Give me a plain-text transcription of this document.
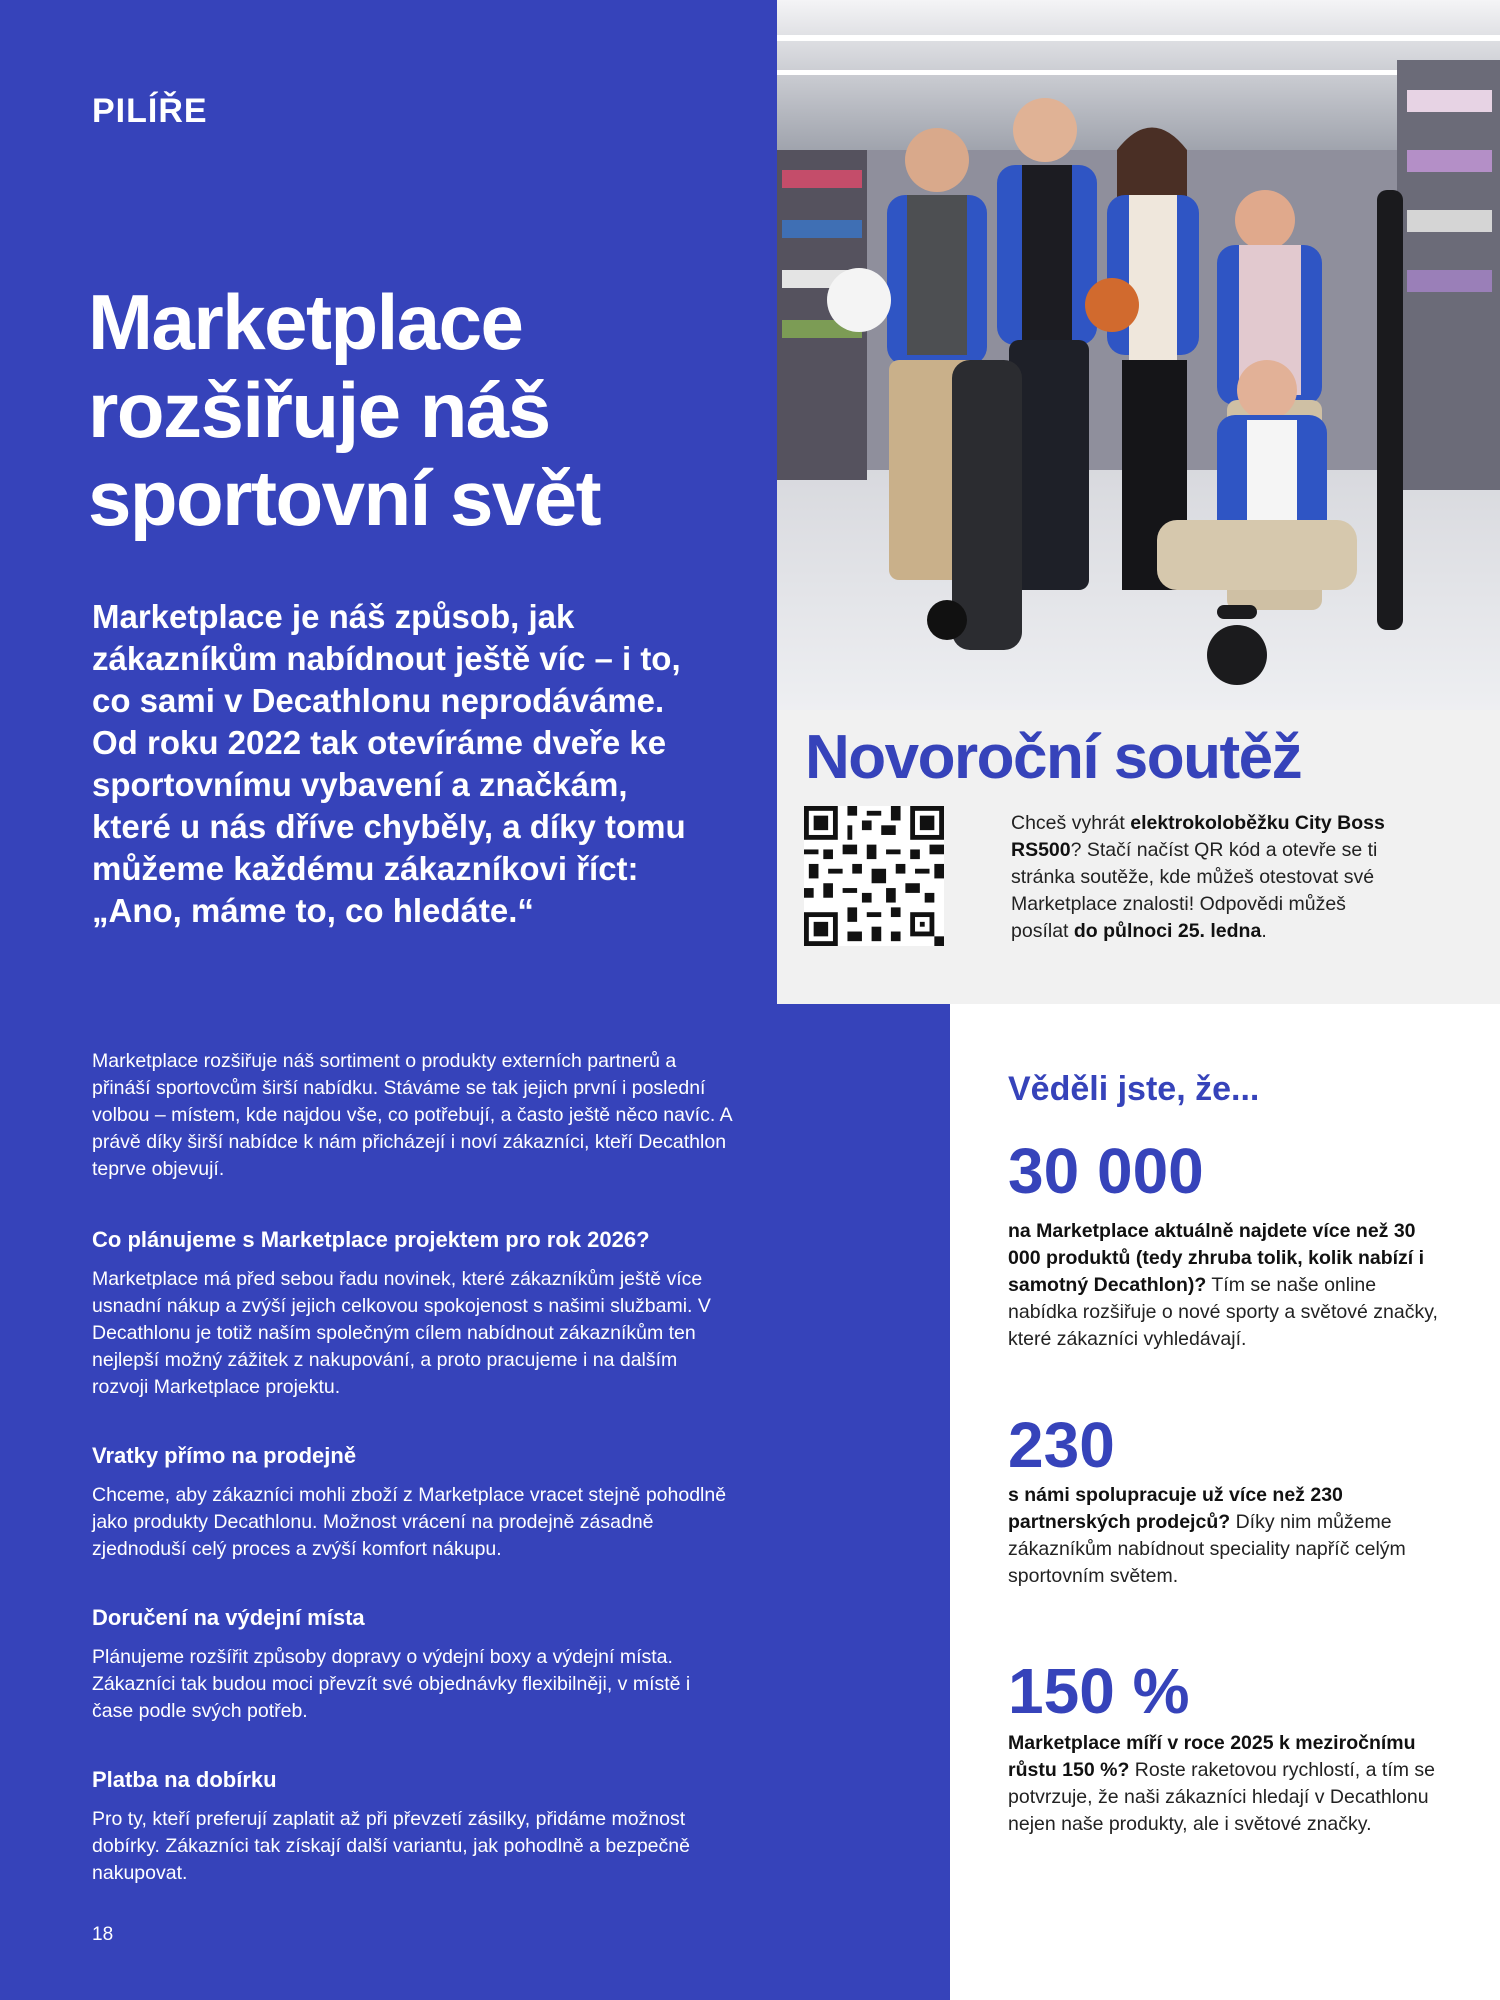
PILÍŘE
Marketplace
rozšiřuje náš
sportovní svět

Marketplace je náš způsob, jak zákazníkům nabídnout ještě víc – i to, co sami v Decathlonu neprodáváme. Od roku 2022 tak otevíráme dveře ke sportovnímu vybavení a značkám, které u nás dříve chyběly, a díky tomu můžeme každému zákazníkovi říct: „Ano, máme to, co hledáte.“

Marketplace rozšiřuje náš sortiment o produkty externích partnerů a přináší sportovcům širší nabídku. Stáváme se tak jejich první i poslední volbou – místem, kde najdou vše, co potřebují, a často ještě něco navíc. A právě díky širší nabídce k nám přicházejí i noví zákazníci, kteří Decathlon teprve objevují.

Co plánujeme s Marketplace projektem pro rok 2026?

Marketplace má před sebou řadu novinek, které zákazníkům ještě více usnadní nákup a zvýší jejich celkovou spokojenost s našimi službami. V Decathlonu je totiž naším společným cílem nabídnout zákazníkům ten nejlepší možný zážitek z nakupování, a proto pracujeme i na dalším rozvoji Marketplace projektu.

Vratky přímo na prodejně

Chceme, aby zákazníci mohli zboží z Marketplace vracet stejně pohodlně jako produkty Decathlonu. Možnost vrácení na prodejně zásadně zjednoduší celý proces a zvýší komfort nákupu.

Doručení na výdejní místa

Plánujeme rozšířit způsoby dopravy o výdejní boxy a výdejní místa. Zákazníci tak budou moci převzít své objednávky flexibilněji, v místě i čase podle svých potřeb.

Platba na dobírku

Pro ty, kteří preferují zaplatit až při převzetí zásilky, přidáme možnost dobírky. Zákazníci tak získají další variantu, jak pohodlně a bezpečně nakupovat.

18
Novoroční soutěž

Chceš vyhrát elektrokoloběžku City Boss RS500? Stačí načíst QR kód a otevře se ti stránka soutěže, kde můžeš otestovat své Marketplace znalosti! Odpovědi můžeš posílat do půlnoci 25. ledna.

Věděli jste, že...

30 000

na Marketplace aktuálně najdete více než 30 000 produktů (tedy zhruba tolik, kolik nabízí i samotný Decathlon)? Tím se naše online nabídka rozšiřuje o nové sporty a světové značky, které zákazníci vyhledávají.

230

s námi spolupracuje už více než 230 partnerských prodejců? Díky nim můžeme zákazníkům nabídnout speciality napříč celým sportovním světem.

150 %

Marketplace míří v roce 2025 k meziročnímu růstu 150 %? Roste raketovou rychlostí, a tím se potvrzuje, že naši zákazníci hledají v Decathlonu nejen naše produkty, ale i světové značky.
